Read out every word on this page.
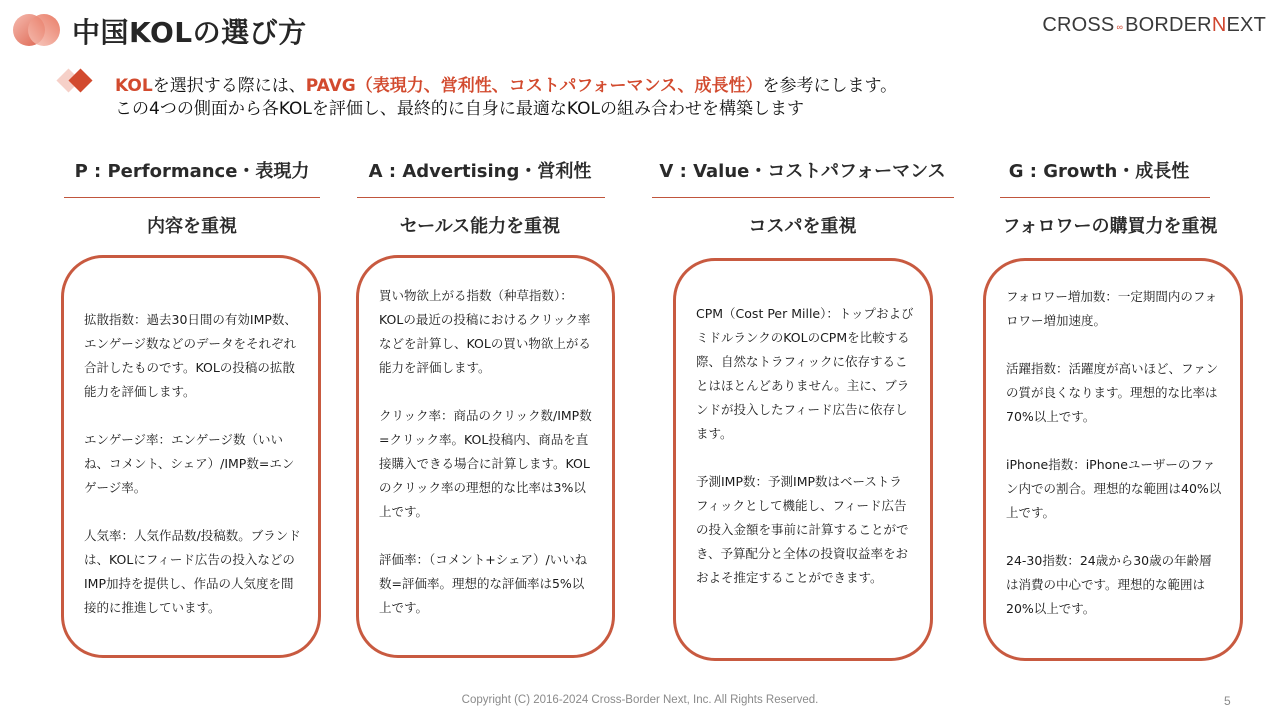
中国KOLの選び方	CROSS ∞ BORDER N EXT
KOLを選択する際には、PAVG（表現力、営利性、コストパフォーマンス、成長性）を参考にします。
この4つの側面から各KOLを評価し、最終的に自身に最適なKOLの組み合わせを構築します
P : Performance・表現力
内容を重視

拡散指数：過去30日間の有効IMP数、エンゲージ数などのデータをそれぞれ合計したものです。KOLの投稿の拡散能力を評価します。

エンゲージ率：エンゲージ数（いいね、コメント、シェア）/IMP数=エンゲージ率。

人気率：人気作品数/投稿数。ブランドは、KOLにフィード広告の投入などのIMP加持を提供し、作品の人気度を間接的に推進しています。

A : Advertising・営利性
セールス能力を重視

買い物欲上がる指数（种草指数）：KOLの最近の投稿におけるクリック率などを計算し、KOLの買い物欲上がる能力を評価します。

クリック率：商品のクリック数/IMP数=クリック率。KOL投稿内、商品を直接購入できる場合に計算します。KOLのクリック率の理想的な比率は3%以上です。

評価率：（コメント+シェア）/いいね数=評価率。理想的な評価率は5%以上です。

V : Value・コストパフォーマンス
コスパを重視

CPM（Cost Per Mille）：トップおよびミドルランクのKOLのCPMを比較する際、自然なトラフィックに依存することはほとんどありません。主に、ブランドが投入したフィード広告に依存します。

予測IMP数：予測IMP数はベーストラフィックとして機能し、フィード広告の投入金額を事前に計算することができ、予算配分と全体の投資収益率をおおよそ推定することができます。

G : Growth・成長性
フォロワーの購買力を重視

フォロワー増加数：一定期間内のフォロワー増加速度。

活躍指数：活躍度が高いほど、ファンの質が良くなります。理想的な比率は70%以上です。

iPhone指数：iPhoneユーザーのファン内での割合。理想的な範囲は40%以上です。

24-30指数：24歳から30歳の年齢層は消費の中心です。理想的な範囲は20%以上です。

Copyright (C) 2016-2024 Cross-Border Next, Inc. All Rights Reserved.	5
